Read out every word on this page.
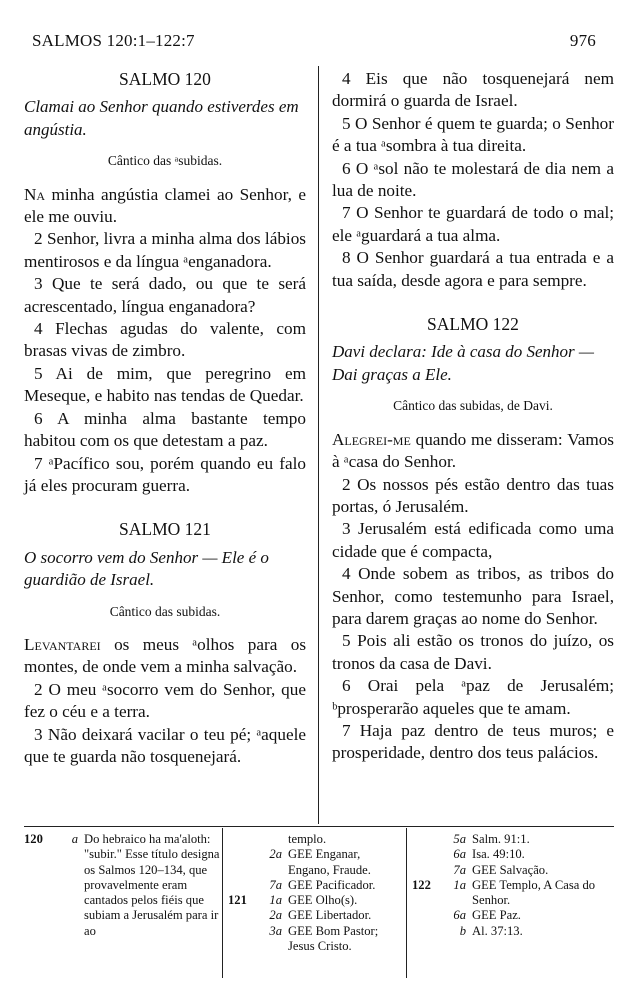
SALMOS 120:1–122:7	976
SALMO 120
Clamai ao Senhor quando estiverdes em angústia.
Cântico das ᵃsubidas.

Na minha angústia clamei ao Senhor, e ele me ouviu.

2 Senhor, livra a minha alma dos lábios mentirosos e da língua ᵃenganadora.

3 Que te será dado, ou que te será acrescentado, língua enganadora?

4 Flechas agudas do valente, com brasas vivas de zimbro.

5 Ai de mim, que peregrino em Meseque, e habito nas tendas de Quedar.

6 A minha alma bastante tempo habitou com os que detestam a paz.

7 ᵃPacífico sou, porém quando eu falo já eles procuram guerra.

SALMO 121
O socorro vem do Senhor — Ele é o guardião de Israel.
Cântico das subidas.

Levantarei os meus ᵃolhos para os montes, de onde vem a minha salvação.

2 O meu ᵃsocorro vem do Senhor, que fez o céu e a terra.

3 Não deixará vacilar o teu pé; ᵃaquele que te guarda não tosquenejará.

4 Eis que não tosquenejará nem dormirá o guarda de Israel.

5 O Senhor é quem te guarda; o Senhor é a tua ᵃsombra à tua direita.

6 O ᵃsol não te molestará de dia nem a lua de noite.

7 O Senhor te guardará de todo o mal; ele ᵃguardará a tua alma.

8 O Senhor guardará a tua entrada e a tua saída, desde agora e para sempre.

SALMO 122
Davi declara: Ide à casa do Senhor — Dai graças a Ele.
Cântico das subidas, de Davi.

Alegrei-me quando me disseram: Vamos à ᵃcasa do Senhor.

2 Os nossos pés estão dentro das tuas portas, ó Jerusalém.

3 Jerusalém está edificada como uma cidade que é compacta,

4 Onde sobem as tribos, as tribos do Senhor, como testemunho para Israel, para darem graças ao nome do Senhor.

5 Pois ali estão os tronos do juízo, os tronos da casa de Davi.

6 Orai pela ᵃpaz de Jerusalém; ᵇprosperarão aqueles que te amam.

7 Haja paz dentro de teus muros; e prosperidade, dentro dos teus palácios.

120	a Do hebraico ha ma'aloth: "subir." Esse título designa os Salmos 120–134, que provavelmente eram cantados pelos fiéis que subiam a Jerusalém para ir ao
templo.
2a GEE Enganar, Engano, Fraude.
7a GEE Pacificador.
121	1a GEE Olho(s).
2a GEE Libertador.
3a GEE Bom Pastor; Jesus Cristo.
5a Salm. 91:1.
6a Isa. 49:10.
7a GEE Salvação.
122	1a GEE Templo, A Casa do Senhor.
6a GEE Paz.
b Al. 37:13.
